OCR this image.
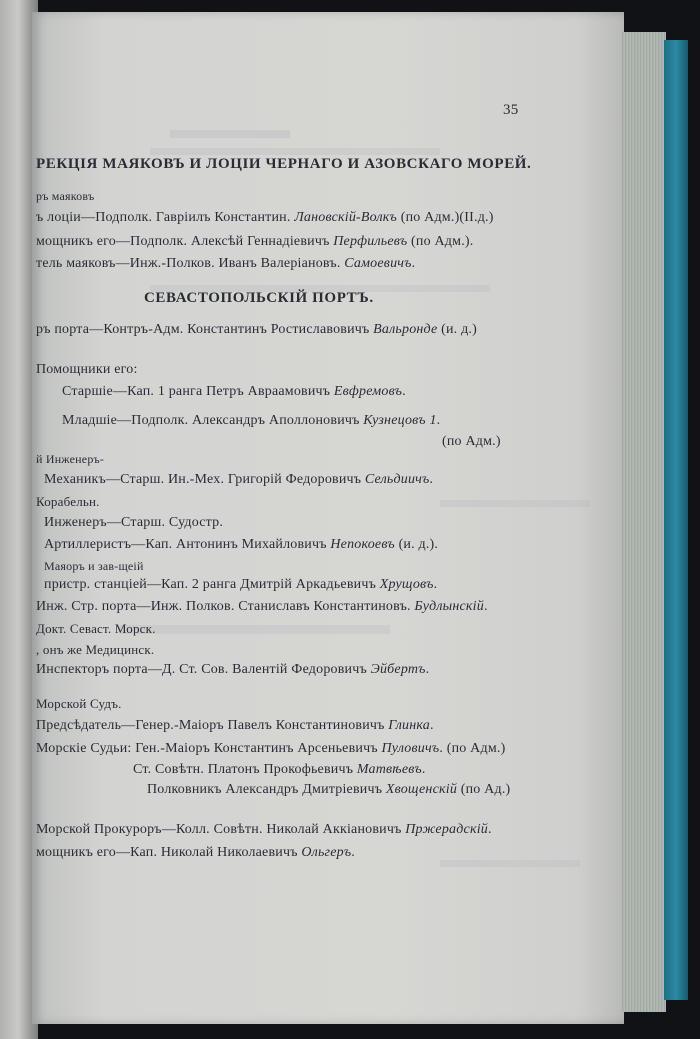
35
РЕКЦІЯ МАЯКОВЪ И ЛОЦІИ ЧЕРНАГО И АЗОВСКАГО МОРЕЙ.
ръ маяковъ
ъ лоціи—Подполк. Гавріилъ Константин. Лановскій-Волкъ (по Адм.)(II.д.)
мощникъ его—Подполк. Алексѣй Геннадіевичъ Перфильевъ (по Адм.).
тель маяковъ—Инж.-Полков. Иванъ Валеріановъ. Самоевичъ.
СЕВАСТОПОЛЬСКІЙ ПОРТЪ.
ръ порта—Контръ-Адм. Константинъ Ростиславовичъ Вальронде (и. д.)
Помощники его:
Старшіе—Кап. 1 ранга Петръ Авраамовичъ Евфремовъ.
Младшіе—Подполк. Александръ Аполлоновичъ Кузнецовъ 1.
(по Адм.)
й Инженеръ-
Механикъ—Старш. Ин.-Мех. Григорій Федоровичъ Сельдиичъ.
Корабельн.
Инженеръ—Старш. Судостр.
Артиллеристъ—Кап. Антонинъ Михайловичъ Непокоевъ (и. д.).
Маяоръ и зав-щеій
пристр. станціей—Кап. 2 ранга Дмитрій Аркадьевичъ Хрущовъ.
Инж. Стр. порта—Инж. Полков. Станиславъ Константиновъ. Будлынскій.
Докт. Севаст. Морск.
, онъ же Медицинск.
Инспекторъ порта—Д. Ст. Сов. Валентій Федоровичъ Эйбертъ.
Морской Судъ.
Предсѣдатель—Генер.-Маіоръ Павелъ Константиновичъ Глинка.
Морскіе Судьи: Ген.-Маіоръ Константинъ Арсеньевичъ Пуловичъ. (по Адм.)
Ст. Совѣтн. Платонъ Прокофьевичъ Матвѣевъ.
Полковникъ Александръ Дмитріевичъ Хвощенскій (по Ад.)
Морской Прокуроръ—Колл. Совѣтн. Николай Аккіановичъ Пржерадскій.
мощникъ его—Кап. Николай Николаевичъ Ольгеръ.
